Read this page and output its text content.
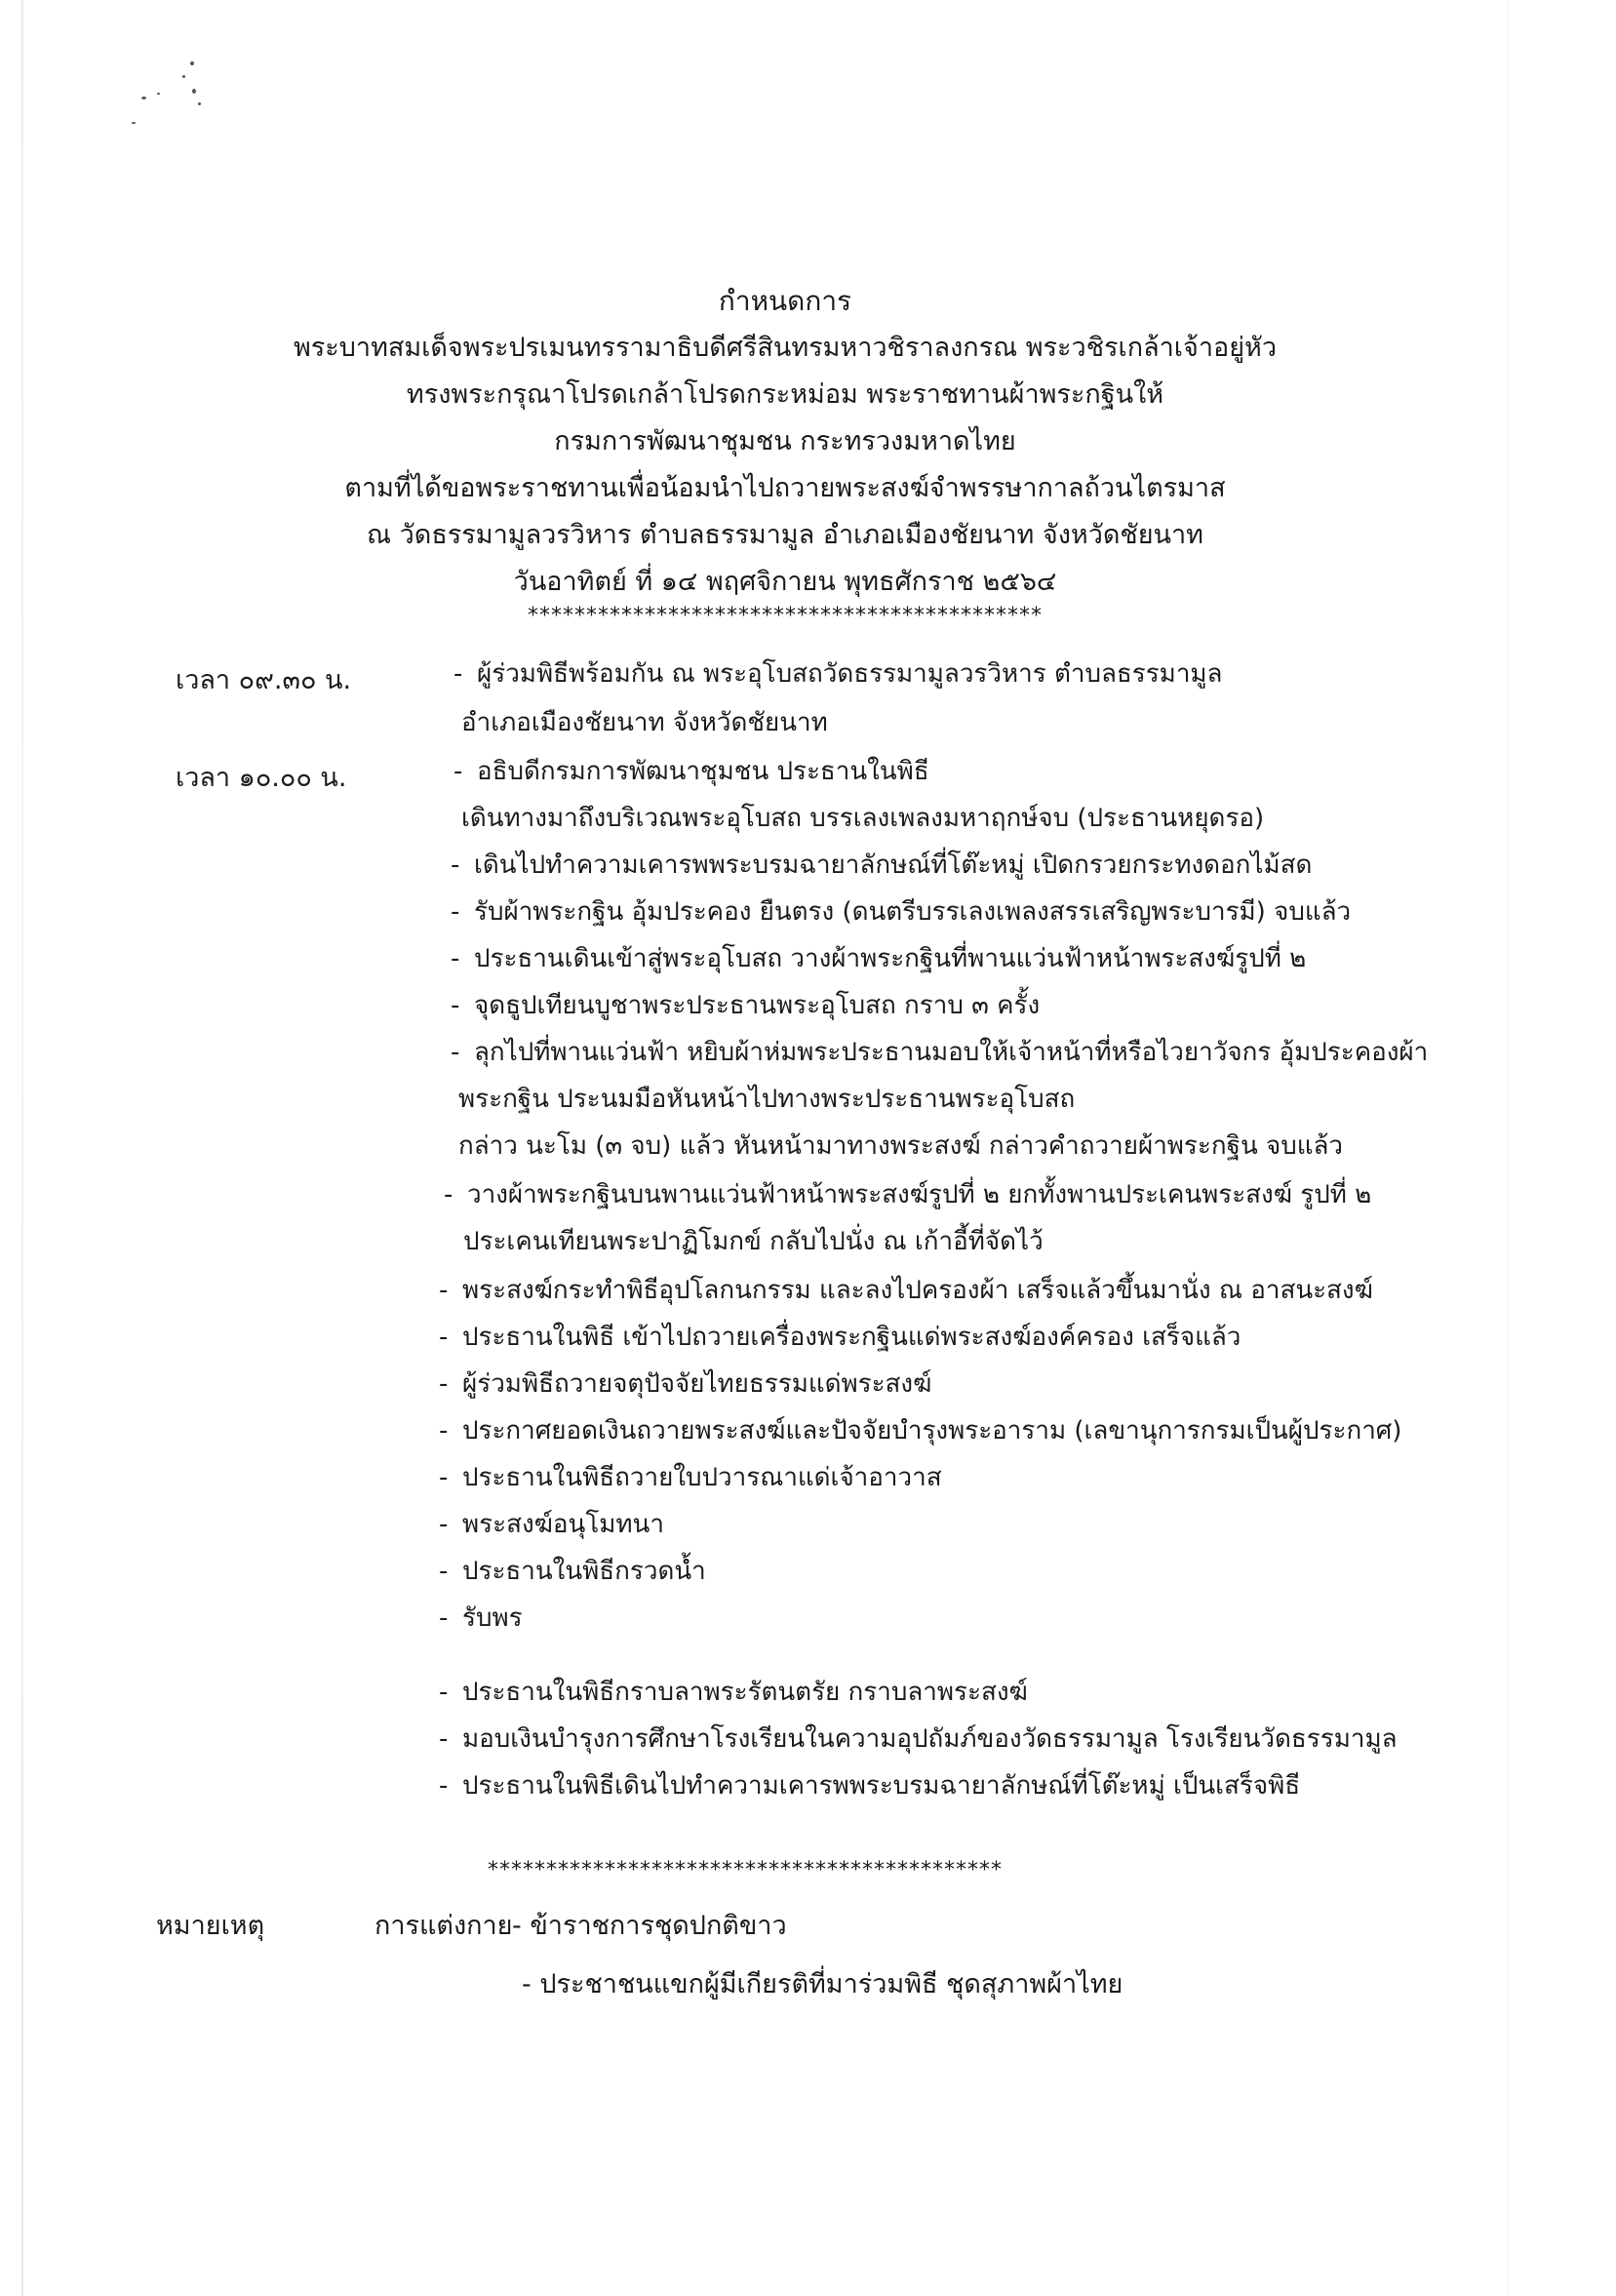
กำหนดการ
พระบาทสมเด็จพระปรเมนทรรามาธิบดีศรีสินทรมหาวชิราลงกรณ พระวชิรเกล้าเจ้าอยู่หัว
ทรงพระกรุณาโปรดเกล้าโปรดกระหม่อม พระราชทานผ้าพระกฐินให้
กรมการพัฒนาชุมชน กระทรวงมหาดไทย
ตามที่ได้ขอพระราชทานเพื่อน้อมนำไปถวายพระสงฆ์จำพรรษากาลถ้วนไตรมาส
ณ วัดธรรมามูลวรวิหาร ตำบลธรรมามูล อำเภอเมืองชัยนาท จังหวัดชัยนาท
วันอาทิตย์ ที่ ๑๔ พฤศจิกายน พุทธศักราช ๒๕๖๔
********************************************
เวลา ๐๙.๓๐ น.	- ผู้ร่วมพิธีพร้อมกัน ณ พระอุโบสถวัดธรรมามูลวรวิหาร ตำบลธรรมามูล
อำเภอเมืองชัยนาท จังหวัดชัยนาท
เวลา ๑๐.๐๐ น.	- อธิบดีกรมการพัฒนาชุมชน ประธานในพิธี
เดินทางมาถึงบริเวณพระอุโบสถ บรรเลงเพลงมหาฤกษ์จบ (ประธานหยุดรอ)
- เดินไปทำความเคารพพระบรมฉายาลักษณ์ที่โต๊ะหมู่ เปิดกรวยกระทงดอกไม้สด
- รับผ้าพระกฐิน อุ้มประคอง ยืนตรง (ดนตรีบรรเลงเพลงสรรเสริญพระบารมี) จบแล้ว
- ประธานเดินเข้าสู่พระอุโบสถ วางผ้าพระกฐินที่พานแว่นฟ้าหน้าพระสงฆ์รูปที่ ๒
- จุดธูปเทียนบูชาพระประธานพระอุโบสถ กราบ ๓ ครั้ง
- ลุกไปที่พานแว่นฟ้า หยิบผ้าห่มพระประธานมอบให้เจ้าหน้าที่หรือไวยาวัจกร อุ้มประคองผ้า
พระกฐิน ประนมมือหันหน้าไปทางพระประธานพระอุโบสถ
กล่าว นะโม (๓ จบ) แล้ว หันหน้ามาทางพระสงฆ์ กล่าวคำถวายผ้าพระกฐิน จบแล้ว
- วางผ้าพระกฐินบนพานแว่นฟ้าหน้าพระสงฆ์รูปที่ ๒ ยกทั้งพานประเคนพระสงฆ์ รูปที่ ๒
ประเคนเทียนพระปาฏิโมกข์ กลับไปนั่ง ณ เก้าอี้ที่จัดไว้
- พระสงฆ์กระทำพิธีอุปโลกนกรรม และลงไปครองผ้า เสร็จแล้วขึ้นมานั่ง ณ อาสนะสงฆ์
- ประธานในพิธี เข้าไปถวายเครื่องพระกฐินแด่พระสงฆ์องค์ครอง เสร็จแล้ว
- ผู้ร่วมพิธีถวายจตุปัจจัยไทยธรรมแด่พระสงฆ์
- ประกาศยอดเงินถวายพระสงฆ์และปัจจัยบำรุงพระอาราม (เลขานุการกรมเป็นผู้ประกาศ)
- ประธานในพิธีถวายใบปวารณาแด่เจ้าอาวาส
- พระสงฆ์อนุโมทนา
- ประธานในพิธีกรวดน้ำ
- รับพร
- ประธานในพิธีกราบลาพระรัตนตรัย กราบลาพระสงฆ์
- มอบเงินบำรุงการศึกษาโรงเรียนในความอุปถัมภ์ของวัดธรรมามูล โรงเรียนวัดธรรมามูล
- ประธานในพิธีเดินไปทำความเคารพพระบรมฉายาลักษณ์ที่โต๊ะหมู่ เป็นเสร็จพิธี
********************************************
หมายเหตุ	การแต่งกาย - ข้าราชการชุดปกติขาว
- ประชาชนแขกผู้มีเกียรติที่มาร่วมพิธี ชุดสุภาพผ้าไทย
